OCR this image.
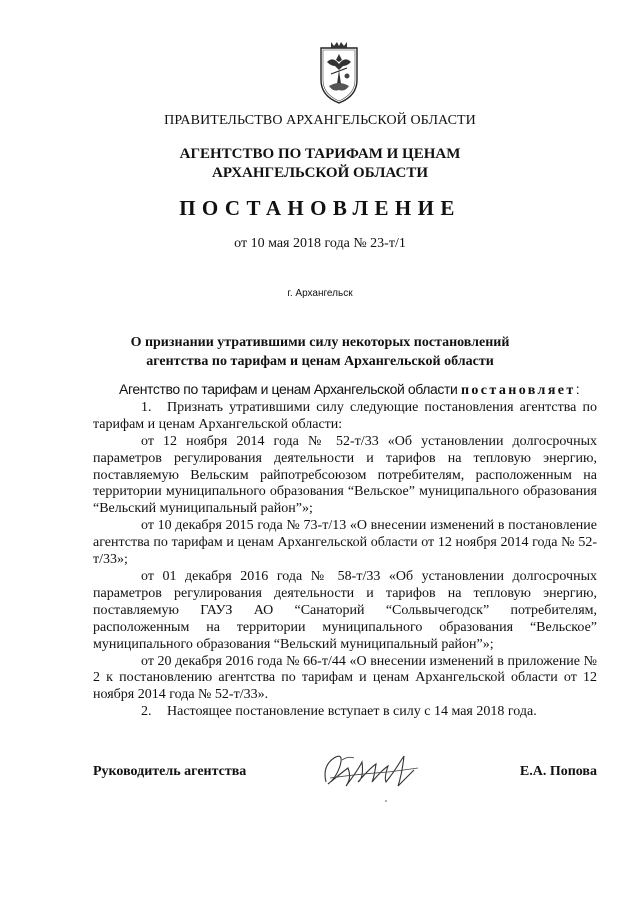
ПРАВИТЕЛЬСТВО АРХАНГЕЛЬСКОЙ ОБЛАСТИ
АГЕНТСТВО ПО ТАРИФАМ И ЦЕНАМ
АРХАНГЕЛЬСКОЙ ОБЛАСТИ
ПОСТАНОВЛЕНИЕ
от 10 мая 2018 года № 23-т/1
г. Архангельск
О признании утратившими силу некоторых постановлений
агентства по тарифам и ценам Архангельской области

Агентство по тарифам и ценам Архангельской области постановляет:

1. Признать утратившими силу следующие постановления агентства по тарифам и ценам Архангельской области:

от 12 ноября 2014 года № 52-т/33 «Об установлении долгосрочных параметров регулирования деятельности и тарифов на тепловую энергию, поставляемую Вельским райпотребсоюзом потребителям, расположенным на территории муниципального образования “Вельское” муниципального образования “Вельский муниципальный район”»;

от 10 декабря 2015 года № 73-т/13 «О внесении изменений в постановление агентства по тарифам и ценам Архангельской области от 12 ноября 2014 года № 52-т/33»;

от 01 декабря 2016 года № 58-т/33 «Об установлении долгосрочных параметров регулирования деятельности и тарифов на тепловую энергию, поставляемую ГАУЗ АО “Санаторий “Сольвычегодск” потребителям, расположенным на территории муниципального образования “Вельское” муниципального образования “Вельский муниципальный район”»;

от 20 декабря 2016 года № 66-т/44 «О внесении изменений в приложение № 2 к постановлению агентства по тарифам и ценам Архангельской области от 12 ноября 2014 года № 52-т/33».

2. Настоящее постановление вступает в силу с 14 мая 2018 года.

Руководитель агентства	Е.А. Попова
